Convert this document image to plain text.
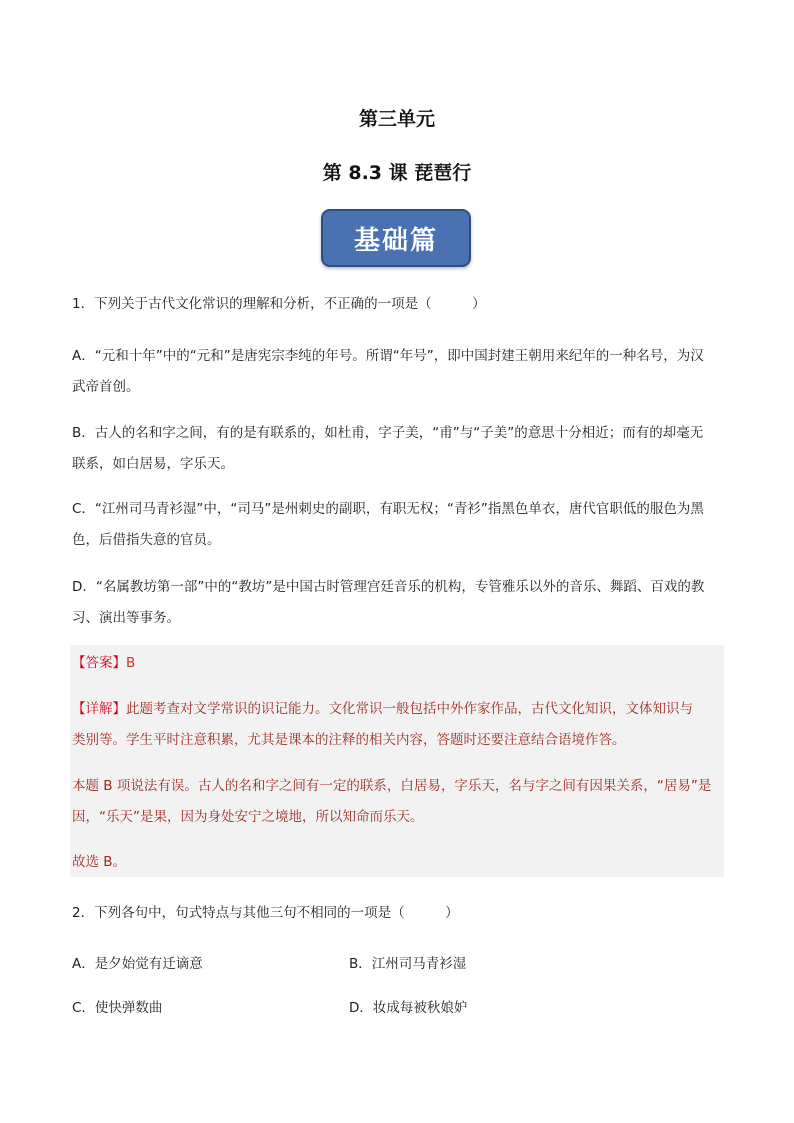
第三单元
第 8.3 课 琵琶行
基础篇
1．下列关于古代文化常识的理解和分析，不正确的一项是（　　　）
A．“元和十年”中的“元和”是唐宪宗李纯的年号。所谓“年号”，即中国封建王朝用来纪年的一种名号，为汉
武帝首创。
B．古人的名和字之间，有的是有联系的，如杜甫，字子美，“甫”与“子美”的意思十分相近；而有的却毫无
联系，如白居易，字乐天。
C．“江州司马青衫湿”中，“司马”是州刺史的副职，有职无权；“青衫”指黑色单衣，唐代官职低的服色为黑
色，后借指失意的官员。
D．“名属教坊第一部”中的“教坊”是中国古时管理宫廷音乐的机构，专管雅乐以外的音乐、舞蹈、百戏的教
习、演出等事务。
【答案】B
【详解】此题考查对文学常识的识记能力。文化常识一般包括中外作家作品，古代文化知识，文体知识与
类别等。学生平时注意积累，尤其是课本的注释的相关内容，答题时还要注意结合语境作答。
本题 B 项说法有误。古人的名和字之间有一定的联系，白居易，字乐天，名与字之间有因果关系，“居易”是
因，“乐天”是果，因为身处安宁之境地，所以知命而乐天。
故选 B。
2．下列各句中，句式特点与其他三句不相同的一项是（　　　）
A．是夕始觉有迁谪意	B．江州司马青衫湿
C．使快弹数曲	D．妆成每被秋娘妒
